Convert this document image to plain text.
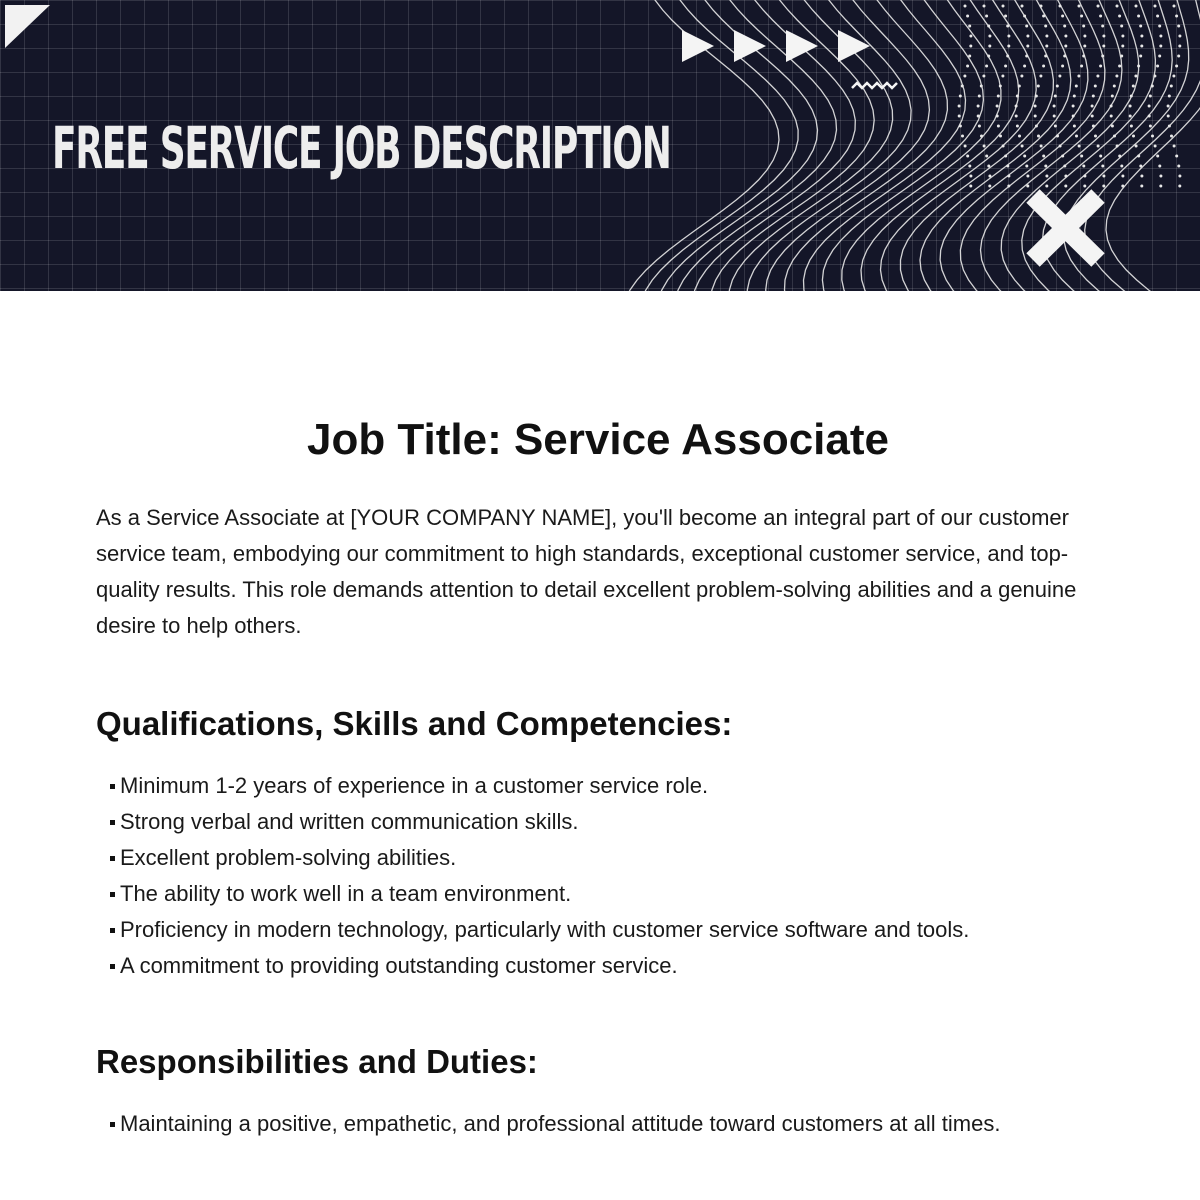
FREE SERVICE JOB DESCRIPTION
Job Title: Service Associate

As a Service Associate at [YOUR COMPANY NAME], you'll become an integral part of our customer service team, embodying our commitment to high standards, exceptional customer service, and top-quality results. This role demands attention to detail excellent problem-solving abilities and a genuine desire to help others.

Qualifications, Skills and Competencies:
Minimum 1-2 years of experience in a customer service role.
Strong verbal and written communication skills.
Excellent problem-solving abilities.
The ability to work well in a team environment.
Proficiency in modern technology, particularly with customer service software and tools.
A commitment to providing outstanding customer service.
Responsibilities and Duties:
Maintaining a positive, empathetic, and professional attitude toward customers at all times.
